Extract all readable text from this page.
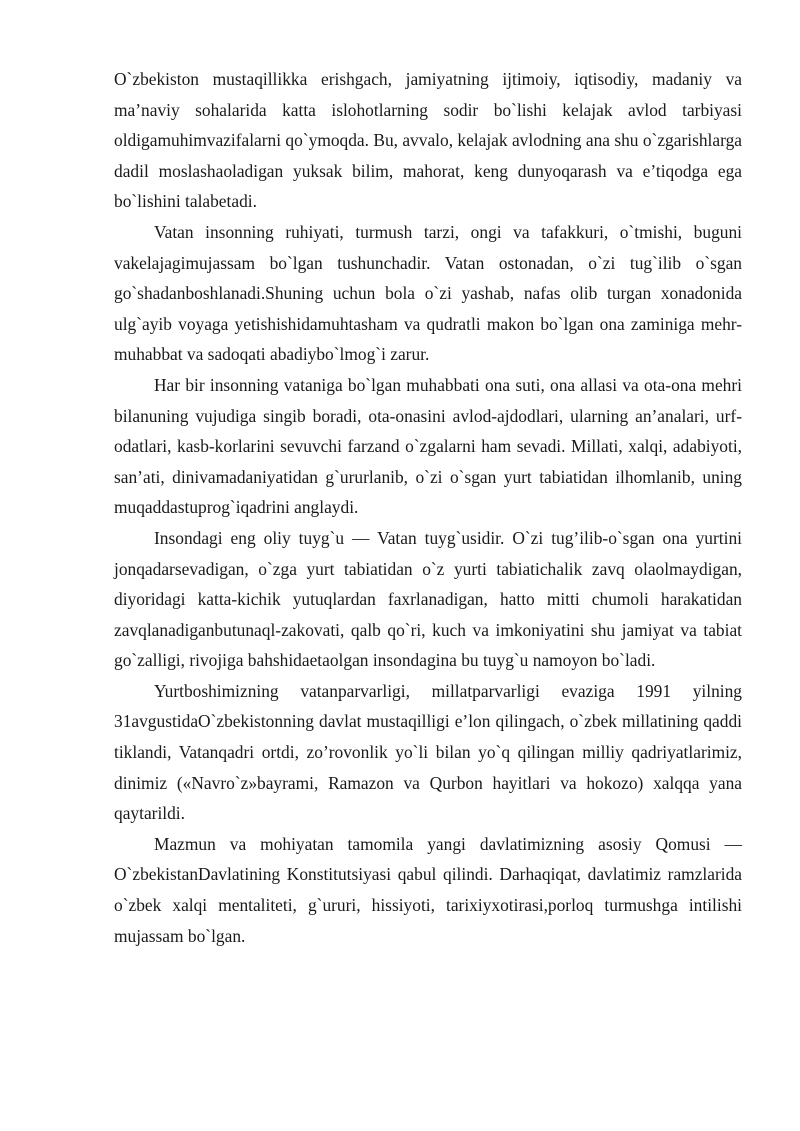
O`zbekiston mustaqillikka erishgach, jamiyatning ijtimoiy, iqtisodiy, madaniy va ma’naviy sohalarida katta islohotlarning sodir bo`lishi kelajak avlod tarbiyasi oldigamuhimvazifalarni qo`ymoqda. Bu, avvalo, kelajak avlodning ana shu o`zgarishlarga dadil moslashaoladigan yuksak bilim, mahorat, keng dunyoqarash va e’tiqodga ega bo`lishini talabetadi.

Vatan insonning ruhiyati, turmush tarzi, ongi va tafakkuri, o`tmishi, buguni vakelajagimujassam bo`lgan tushunchadir. Vatan ostonadan, o`zi tug`ilib o`sgan go`shadanboshlanadi.Shuning uchun bola o`zi yashab, nafas olib turgan xonadonida ulg`ayib voyaga yetishishidamuhtasham va qudratli makon bo`lgan ona zaminiga mehr-muhabbat va sadoqati abadiybo`lmog`i zarur.

Har bir insonning vataniga bo`lgan muhabbati ona suti, ona allasi va ota-ona mehri bilanuning vujudiga singib boradi, ota-onasini avlod-ajdodlari, ularning an’analari, urf-odatlari, kasb-korlarini sevuvchi farzand o`zgalarni ham sevadi. Millati, xalqi, adabiyoti, san’ati, dinivamadaniyatidan g`ururlanib, o`zi o`sgan yurt tabiatidan ilhomlanib, uning muqaddastuprog`iqadrini anglaydi.

Insondagi eng oliy tuyg`u — Vatan tuyg`usidir. O`zi tug’ilib-o`sgan ona yurtini jonqadarsevadigan, o`zga yurt tabiatidan o`z yurti tabiatichalik zavq olaolmaydigan, diyoridagi katta-kichik yutuqlardan faxrlanadigan, hatto mitti chumoli harakatidan zavqlanadiganbutunaql-zakovati, qalb qo`ri, kuch va imkoniyatini shu jamiyat va tabiat go`zalligi, rivojiga bahshidaetaolgan insondagina bu tuyg`u namoyon bo`ladi.

Yurtboshimizning vatanparvarligi, millatparvarligi evaziga 1991 yilning 31avgustidaO`zbekistonning davlat mustaqilligi e’lon qilingach, o`zbek millatining qaddi tiklandi, Vatanqadri ortdi, zo’rovonlik yo`li bilan yo`q qilingan milliy qadriyatlarimiz, dinimiz («Navro`z»bayrami, Ramazon va Qurbon hayitlari va hokozo) xalqqa yana qaytarildi.

Mazmun va mohiyatan tamomila yangi davlatimizning asosiy Qomusi — O`zbekistanDavlatining Konstitutsiyasi qabul qilindi. Darhaqiqat, davlatimiz ramzlarida o`zbek xalqi mentaliteti, g`ururi, hissiyoti, tarixiyxotirasi,porloq turmushga intilishi mujassam bo`lgan.
